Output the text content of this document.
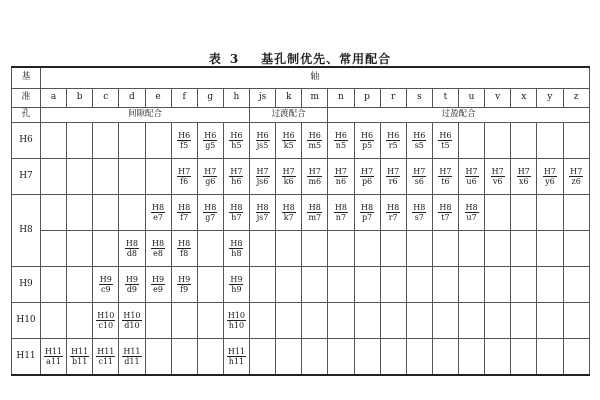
表 3 基孔制优先、常用配合
基	轴																				
准	a	b	c	d	e	f	g	h	js	k	m	n	p	r	s	t	u	v	x	y	z
孔	间隙配合								过渡配合			过盈配合									
H6						$\frac{H6}{f5}$	$\frac{H6}{g5}$	$\frac{H6}{h5}$	$\frac{H6}{js5}$	$\frac{H6}{k5}$	$\frac{H6}{m5}$	$\frac{H6}{n5}$	$\frac{H6}{p5}$	$\frac{H6}{r5}$	$\frac{H6}{s5}$	$\frac{H6}{t5}$

H7						$\frac{H7}{f6}$	$\frac{H7}{g6}$	$\frac{H7}{h6}$	$\frac{H7}{js6}$	$\frac{H7}{k6}$	$\frac{H7}{m6}$	$\frac{H7}{n6}$	$\frac{H7}{p6}$	$\frac{H7}{r6}$	$\frac{H7}{s6}$	$\frac{H7}{t6}$	$\frac{H7}{u6}$	$\frac{H7}{v6}$	$\frac{H7}{x6}$	$\frac{H7}{y6}$	$\frac{H7}{z6}$

H8					$\frac{H8}{e7}$	$\frac{H8}{f7}$	$\frac{H8}{g7}$	$\frac{H8}{h7}$	$\frac{H8}{js7}$	$\frac{H8}{k7}$	$\frac{H8}{m7}$	$\frac{H8}{n7}$	$\frac{H8}{p7}$	$\frac{H8}{r7}$	$\frac{H8}{s7}$	$\frac{H8}{t7}$	$\frac{H8}{u7}$

				$\frac{H8}{d8}$	$\frac{H8}{e8}$	$\frac{H8}{f8}$		$\frac{H8}{h8}$

H9			$\frac{H9}{c9}$	$\frac{H9}{d9}$	$\frac{H9}{e9}$	$\frac{H9}{f9}$		$\frac{H9}{h9}$

H10			$\frac{H10}{c10}$	$\frac{H10}{d10}$				$\frac{H10}{h10}$

H11	$\frac{H11}{a11}$	$\frac{H11}{b11}$	$\frac{H11}{c11}$	$\frac{H11}{d11}$				$\frac{H11}{h11}$
